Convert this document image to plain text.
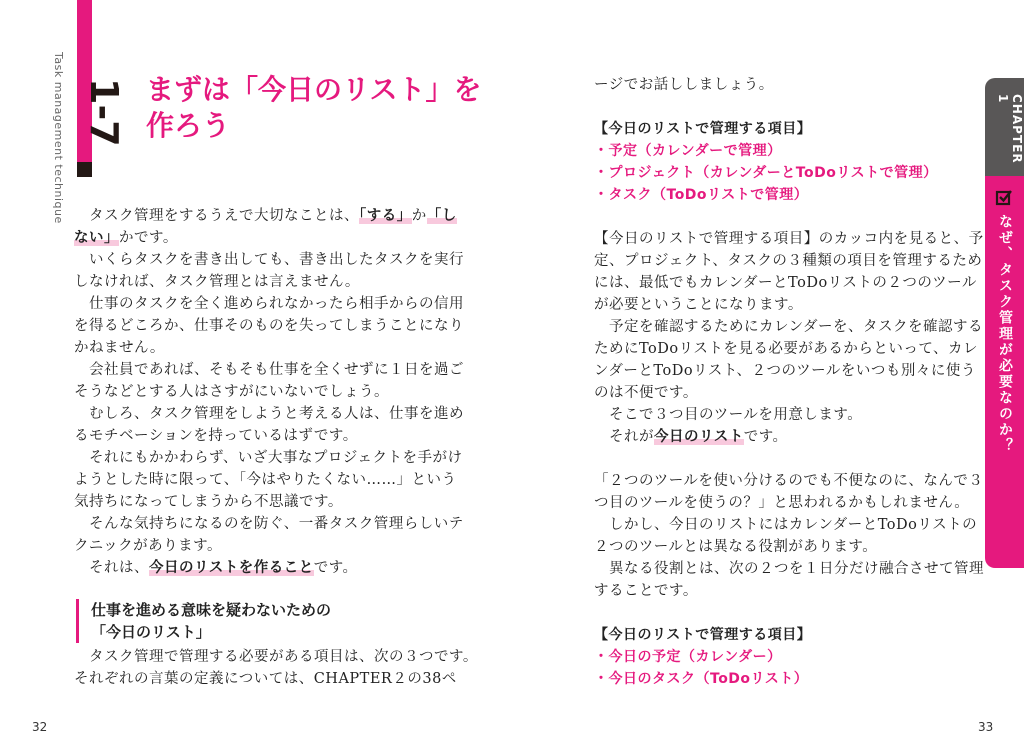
Task management technique 1-7 まずは「今日のリスト」を
作ろう
　タスク管理をするうえで大切なことは、「する」か「し
ない」かです。
　いくらタスクを書き出しても、書き出したタスクを実行
しなければ、タスク管理とは言えません。
　仕事のタスクを全く進められなかったら相手からの信用
を得るどころか、仕事そのものを失ってしまうことになり
かねません。
　会社員であれば、そもそも仕事を全くせずに１日を過ご
そうなどとする人はさすがにいないでしょう。
　むしろ、タスク管理をしようと考える人は、仕事を進め
るモチベーションを持っているはずです。
　それにもかかわらず、いざ大事なプロジェクトを手がけ
ようとした時に限って、「今はやりたくない……」という
気持ちになってしまうから不思議です。
　そんな気持ちになるのを防ぐ、一番タスク管理らしいテ
クニックがあります。
　それは、今日のリストを作ることです。
仕事を進める意味を疑わないための
「今日のリスト」
　タスク管理で管理する必要がある項目は、次の３つです。
それぞれの言葉の定義については、CHAPTER２の38ペ
32
ージでお話ししましょう。
【今日のリストで管理する項目】
・予定（カレンダーで管理）
・プロジェクト（カレンダーとToDoリストで管理）
・タスク（ToDoリストで管理）
【今日のリストで管理する項目】のカッコ内を見ると、予
定、プロジェクト、タスクの３種類の項目を管理するため
には、最低でもカレンダーとToDoリストの２つのツール
が必要ということになります。
　予定を確認するためにカレンダーを、タスクを確認する
ためにToDoリストを見る必要があるからといって、カレ
ンダーとToDoリスト、２つのツールをいつも別々に使う
のは不便です。
　そこで３つ目のツールを用意します。
　それが今日のリストです。
「２つのツールを使い分けるのでも不便なのに、なんで３
つ目のツールを使うの？」と思われるかもしれません。
　しかし、今日のリストにはカレンダーとToDoリストの
２つのツールとは異なる役割があります。
　異なる役割とは、次の２つを１日分だけ融合させて管理
することです。
【今日のリストで管理する項目】
・今日の予定（カレンダー）
・今日のタスク（ToDoリスト）
33
CHAPTER 1
なぜ、タスク管理が必要なのか？
